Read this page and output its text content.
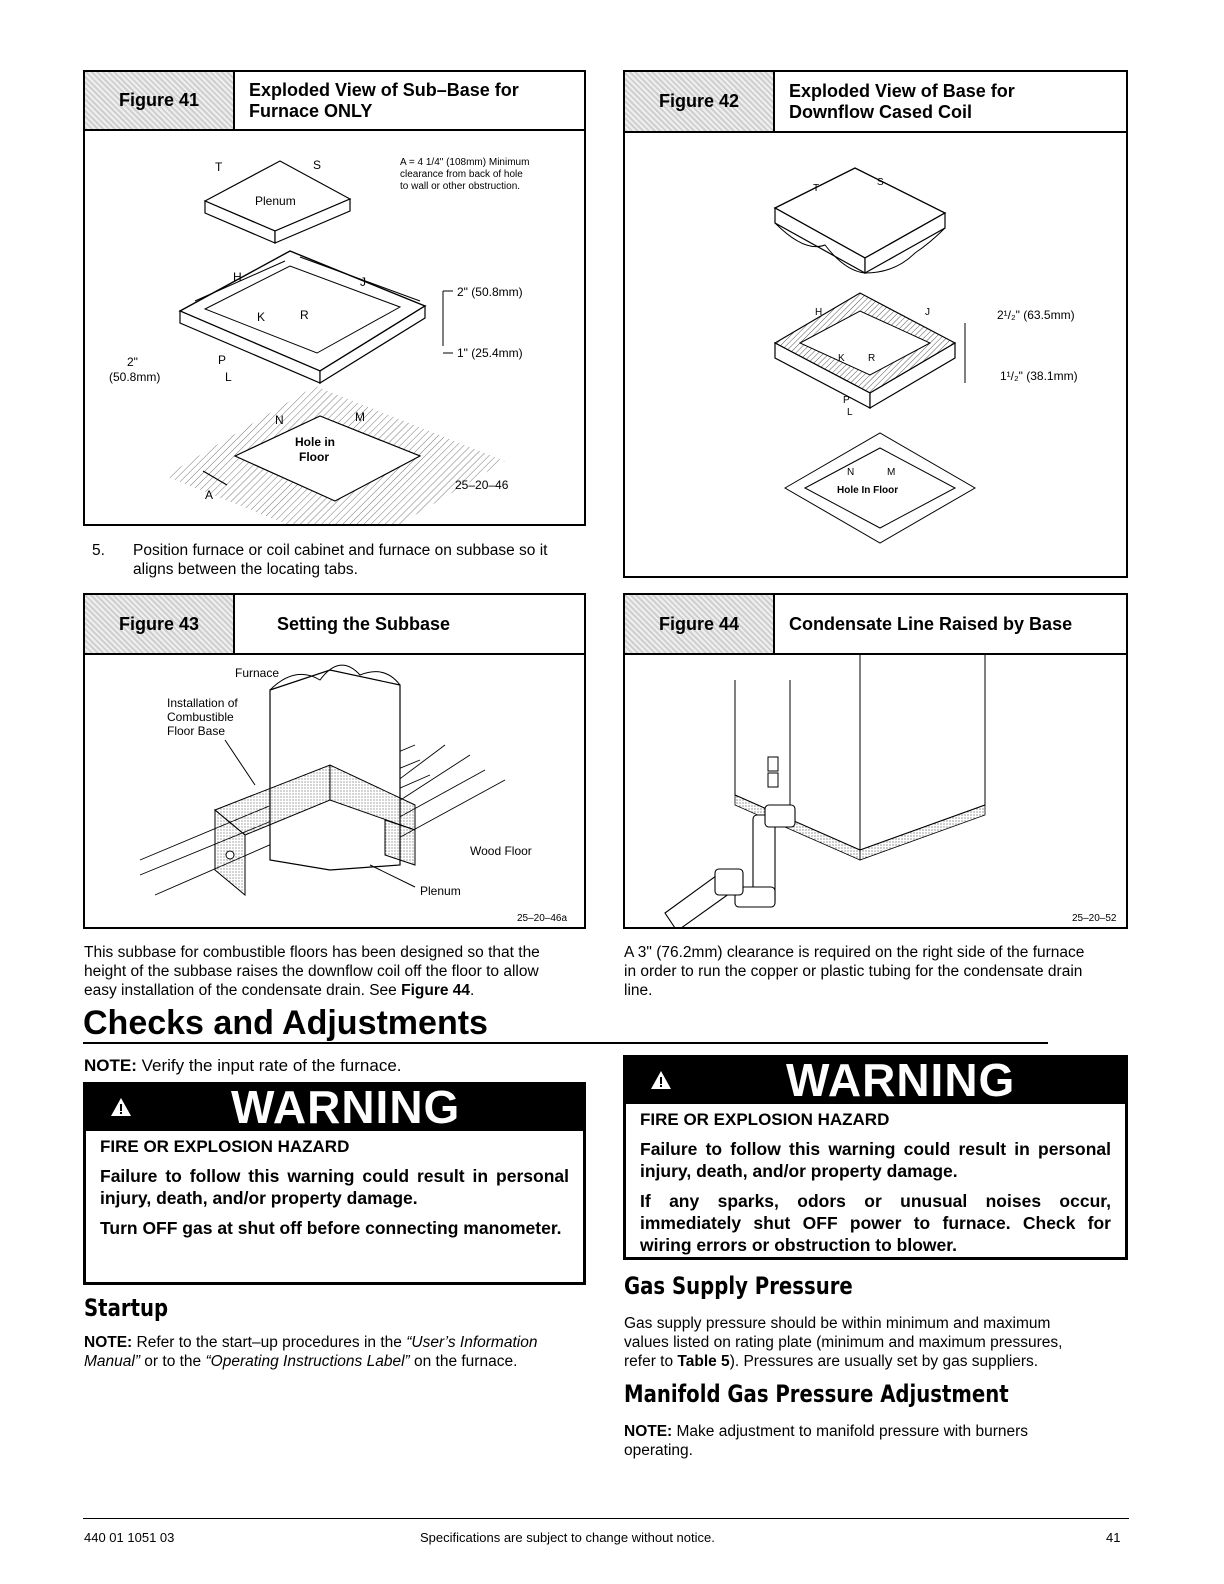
Figure 41
Exploded View of Sub–Base for
Furnace ONLY
Plenum
T	S	A = 4 1/4" (108mm) Minimum
clearance from back of hole
to wall or other obstruction.
H	J
K	R
P
L
2" (50.8mm)
1" (25.4mm)
2"
(50.8mm)
Hole in
Floor
N	M
A
25–20–46
5. Position furnace or coil cabinet and furnace on subbase so it

aligns between the locating tabs.
Figure 42
Exploded View of Base for
Downflow Cased Coil
T
S
H	J
K R
P
L
2¹/₂" (63.5mm)
1¹/₂" (38.1mm)
N	M
Hole In Floor
Figure 43	Setting the Subbase
Furnace
Installation of
Combustible
Floor Base
Wood Floor
Plenum
25–20–46a
Figure 44	Condensate Line Raised by Base
25–20–52
This subbase for combustible floors has been designed so that the
height of the subbase raises the downflow coil off the floor to allow
easy installation of the condensate drain. See Figure 44.
A 3" (76.2mm) clearance is required on the right side of the furnace
in order to run the copper or plastic tubing for the condensate drain
line.
Checks and Adjustments
NOTE: Verify the input rate of the furnace.
WARNING
FIRE OR EXPLOSION HAZARD
Failure to follow this warning could result in personal injury, death, and/or property damage.
Turn OFF gas at shut off before connecting manometer.
WARNING
FIRE OR EXPLOSION HAZARD
Failure to follow this warning could result in personal injury, death, and/or property damage.
If any sparks, odors or unusual noises occur, immediately shut OFF power to furnace. Check for wiring errors or obstruction to blower.
Startup
NOTE: Refer to the start–up procedures in the “User’s Information
Manual” or to the “Operating Instructions Label” on the furnace.
Gas Supply Pressure
Gas supply pressure should be within minimum and maximum
values listed on rating plate (minimum and maximum pressures,
refer to Table 5). Pressures are usually set by gas suppliers.
Manifold Gas Pressure Adjustment
NOTE: Make adjustment to manifold pressure with burners
operating.
440 01 1051 03	Specifications are subject to change without notice.	41
